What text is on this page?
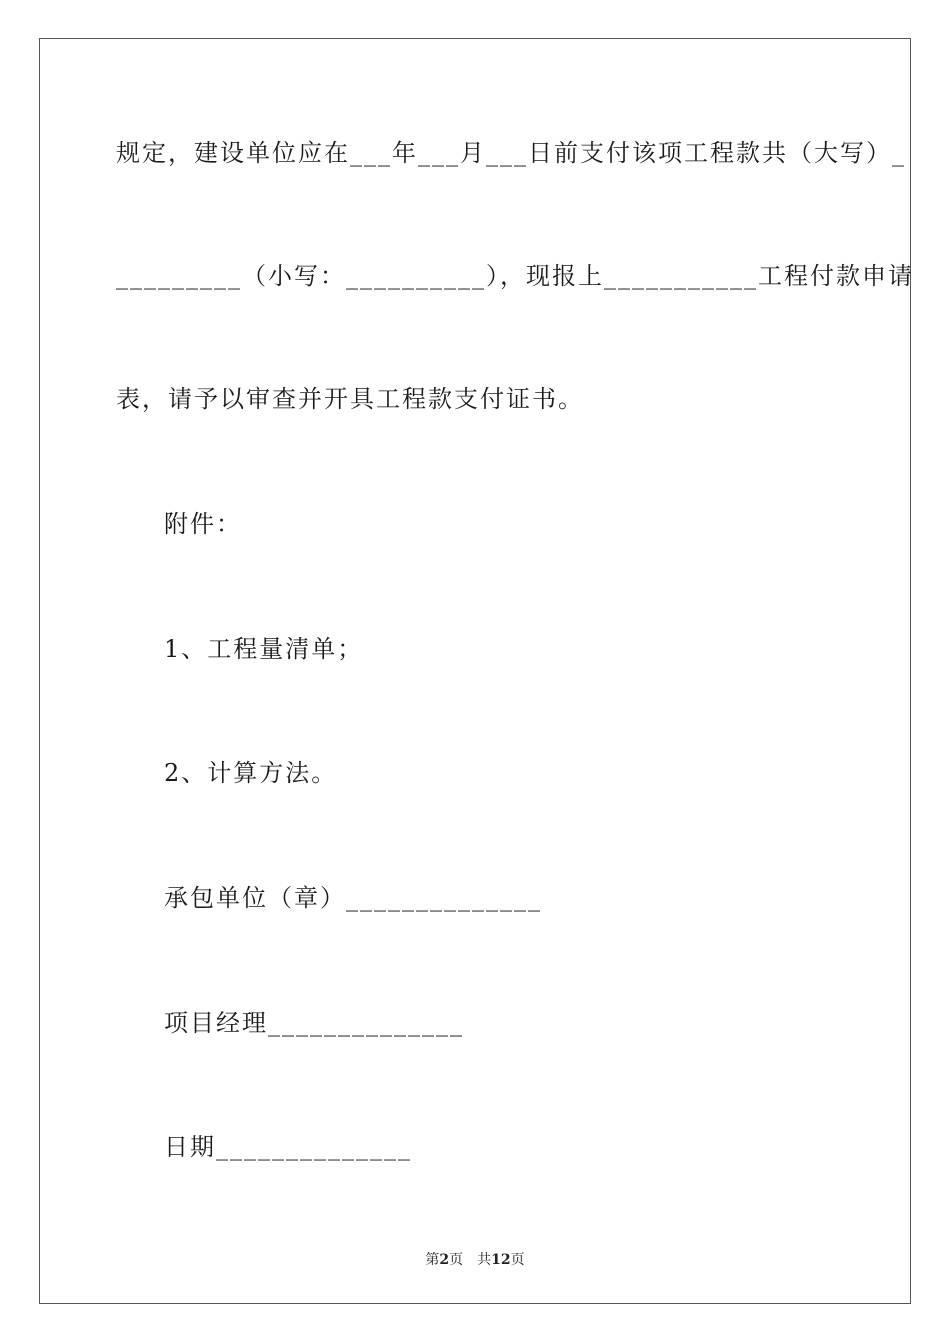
规定，建设单位应在___年___月___日前支付该项工程款共（大写）_
_________（小写：__________），现报上___________工程付款申请
表，请予以审查并开具工程款支付证书。
附件：
1、工程量清单；
2、计算方法。
承包单位（章）______________
项目经理______________
日期______________
第2页 共12页
